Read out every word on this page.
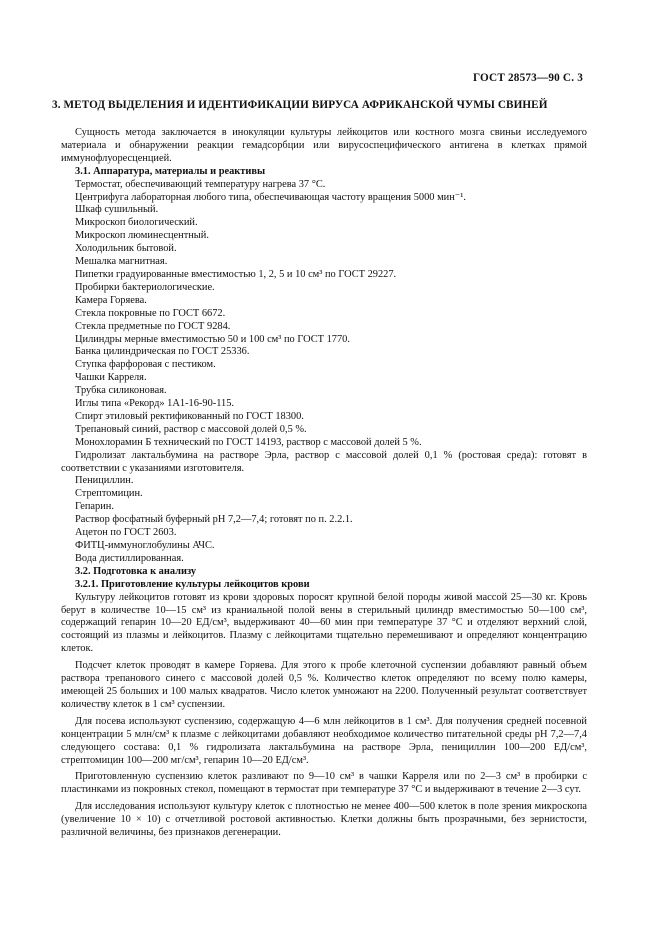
ГОСТ 28573—90 С. 3
3. МЕТОД ВЫДЕЛЕНИЯ И ИДЕНТИФИКАЦИИ ВИРУСА АФРИКАНСКОЙ ЧУМЫ СВИНЕЙ

Сущность метода заключается в инокуляции культуры лейкоцитов или костного мозга свиньи исследуемого материала и обнаружении реакции гемадсорбции или вирусоспецифического антигена в клетках прямой иммунофлуоресценцией.

3.1. Аппаратура, материалы и реактивы

Термостат, обеспечивающий температуру нагрева 37 °С.

Центрифуга лабораторная любого типа, обеспечивающая частоту вращения 5000 мин⁻¹.

Шкаф сушильный.

Микроскоп биологический.

Микроскоп люминесцентный.

Холодильник бытовой.

Мешалка магнитная.

Пипетки градуированные вместимостью 1, 2, 5 и 10 см³ по ГОСТ 29227.

Пробирки бактериологические.

Камера Горяева.

Стекла покровные по ГОСТ 6672.

Стекла предметные по ГОСТ 9284.

Цилиндры мерные вместимостью 50 и 100 см³ по ГОСТ 1770.

Банка цилиндрическая по ГОСТ 25336.

Ступка фарфоровая с пестиком.

Чашки Карреля.

Трубка силиконовая.

Иглы типа «Рекорд» 1А1-16-90-115.

Спирт этиловый ректификованный по ГОСТ 18300.

Трепановый синий, раствор с массовой долей 0,5 %.

Монохлорамин Б технический по ГОСТ 14193, раствор с массовой долей 5 %.

Гидролизат лактальбумина на растворе Эрла, раствор с массовой долей 0,1 % (ростовая среда): готовят в соответствии с указаниями изготовителя.

Пенициллин.

Стрептомицин.

Гепарин.

Раствор фосфатный буферный рН 7,2—7,4; готовят по п. 2.2.1.

Ацетон по ГОСТ 2603.

ФИТЦ-иммуноглобулины АЧС.

Вода дистиллированная.

3.2. Подготовка к анализу

3.2.1. Приготовление культуры лейкоцитов крови

Культуру лейкоцитов готовят из крови здоровых поросят крупной белой породы живой массой 25—30 кг. Кровь берут в количестве 10—15 см³ из краниальной полой вены в стерильный цилиндр вместимостью 50—100 см³, содержащий гепарин 10—20 ЕД/см³, выдерживают 40—60 мин при температуре 37 °С и отделяют верхний слой, состоящий из плазмы и лейкоцитов. Плазму с лейкоцитами тщательно перемешивают и определяют концентрацию клеток.

Подсчет клеток проводят в камере Горяева. Для этого к пробе клеточной суспензии добавляют равный объем раствора трепанового синего с массовой долей 0,5 %. Количество клеток определяют по всему полю камеры, имеющей 25 больших и 100 малых квадратов. Число клеток умножают на 2200. Полученный результат соответствует количеству клеток в 1 см³ суспензии.

Для посева используют суспензию, содержащую 4—6 млн лейкоцитов в 1 см³. Для получения средней посевной концентрации 5 млн/см³ к плазме с лейкоцитами добавляют необходимое количество питательной среды рН 7,2—7,4 следующего состава: 0,1 % гидролизата лактальбумина на растворе Эрла, пенициллин 100—200 ЕД/см³, стрептомицин 100—200 мг/см³, гепарин 10—20 ЕД/см³.

Приготовленную суспензию клеток разливают по 9—10 см³ в чашки Карреля или по 2—3 см³ в пробирки с пластинками из покровных стекол, помещают в термостат при температуре 37 °С и выдерживают в течение 2—3 сут.

Для исследования используют культуру клеток с плотностью не менее 400—500 клеток в поле зрения микроскопа (увеличение 10 × 10) с отчетливой ростовой активностью. Клетки должны быть прозрачными, без зернистости, различной величины, без признаков дегенерации.
